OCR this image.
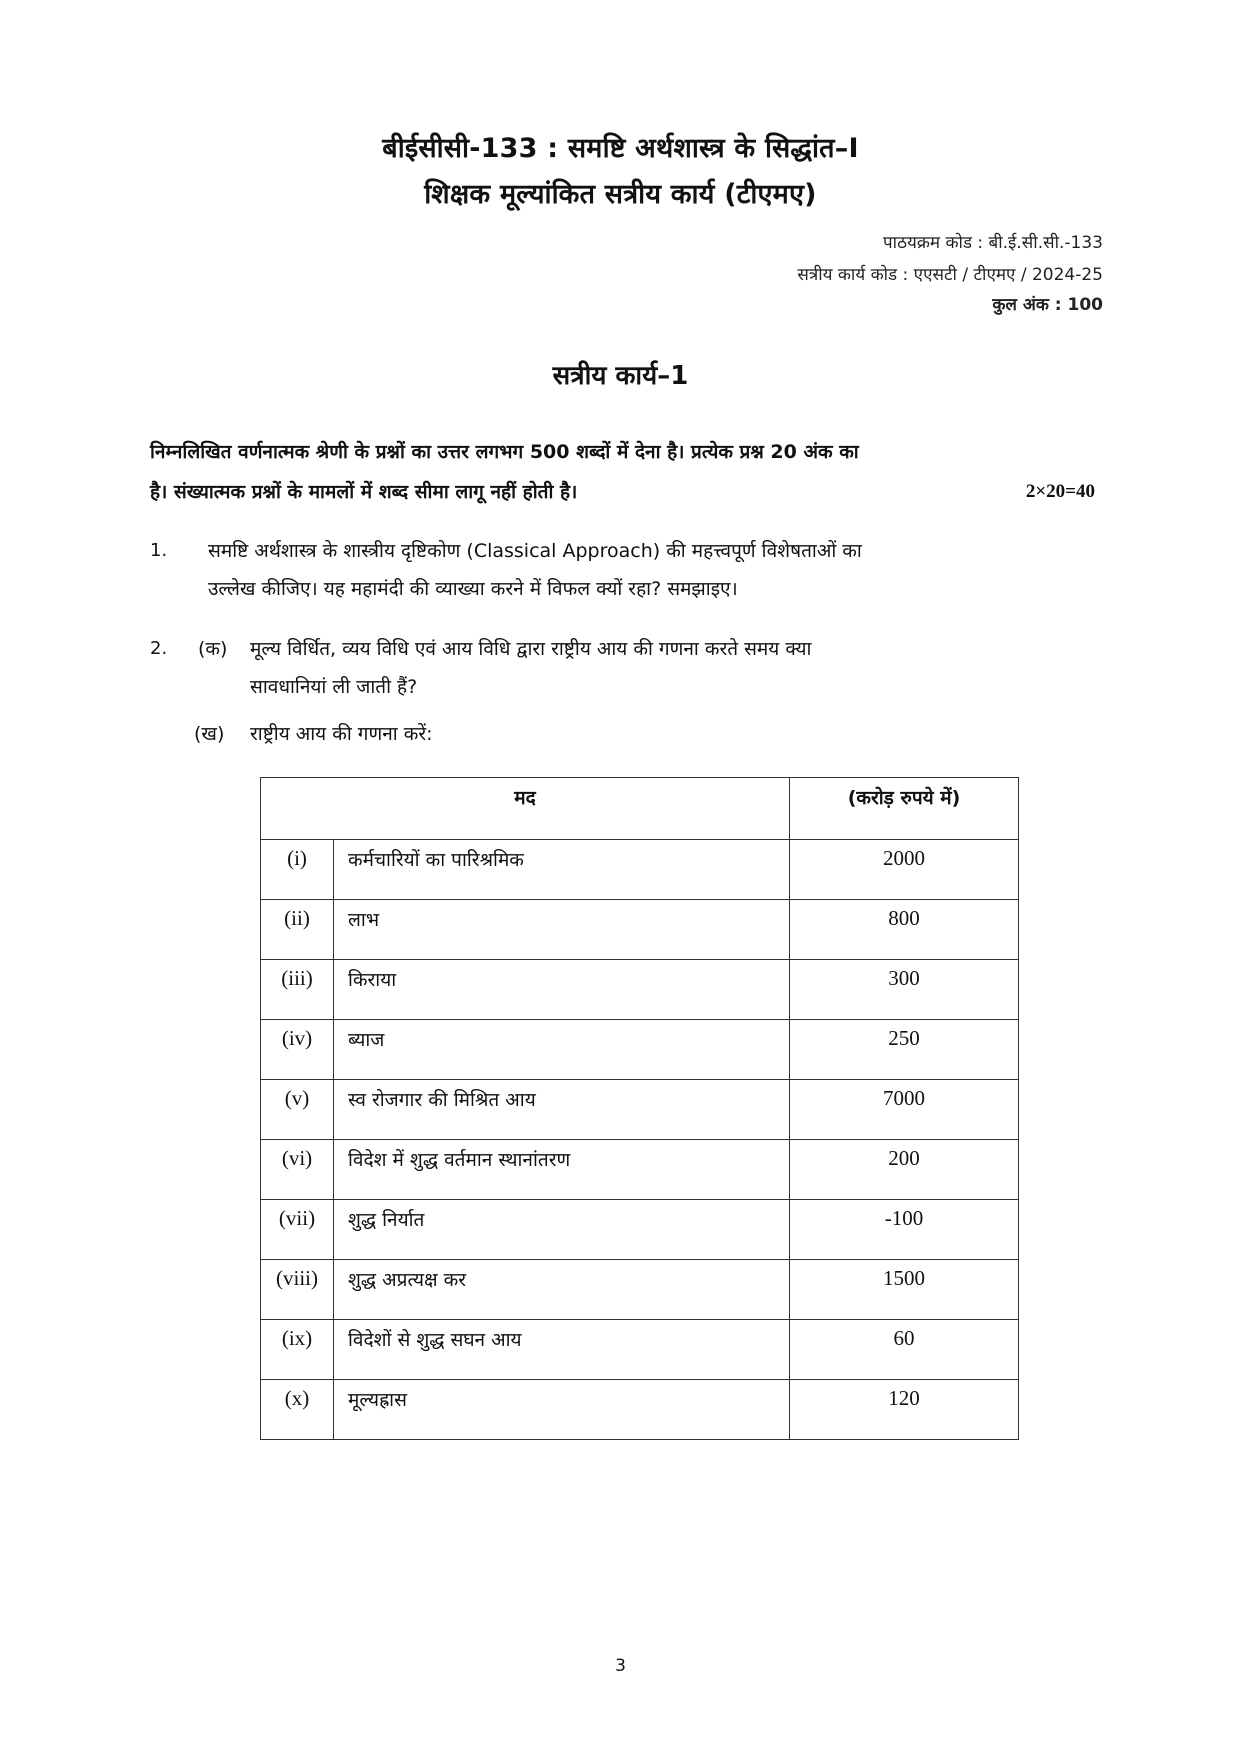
बीईसीसी-133 : समष्टि अर्थशास्त्र के सिद्धांत–I
शिक्षक मूल्यांकित सत्रीय कार्य (टीएमए)
पाठयक्रम कोड : बी.ई.सी.सी.-133
सत्रीय कार्य कोड : एएसटी / टीएमए / 2024-25
कुल अंक : 100
सत्रीय कार्य–1
निम्नलिखित वर्णनात्मक श्रेणी के प्रश्नों का उत्तर लगभग 500 शब्दों में देना है। प्रत्येक प्रश्न 20 अंक का
है। संख्यात्मक प्रश्नों के मामलों में शब्द सीमा लागू नहीं होती है।	2×20=40
1. समष्टि अर्थशास्त्र के शास्त्रीय दृष्टिकोण (Classical Approach) की महत्त्वपूर्ण विशेषताओं का
उल्लेख कीजिए। यह महामंदी की व्याख्या करने में विफल क्यों रहा? समझाइए।
2. (क) मूल्य विर्धित, व्यय विधि एवं आय विधि द्वारा राष्ट्रीय आय की गणना करते समय क्या
सावधानियां ली जाती हैं?
(ख) राष्ट्रीय आय की गणना करें:
मद		(करोड़ रुपये में)
(i)	कर्मचारियों का पारिश्रमिक	2000
(ii)	लाभ	800
(iii)	किराया	300
(iv)	ब्याज	250
(v)	स्व रोजगार की मिश्रित आय	7000
(vi)	विदेश में शुद्ध वर्तमान स्थानांतरण	200
(vii)	शुद्ध निर्यात	-100
(viii)	शुद्ध अप्रत्यक्ष कर	1500
(ix)	विदेशों से शुद्ध सघन आय	60
(x)	मूल्यह्रास	120
3
